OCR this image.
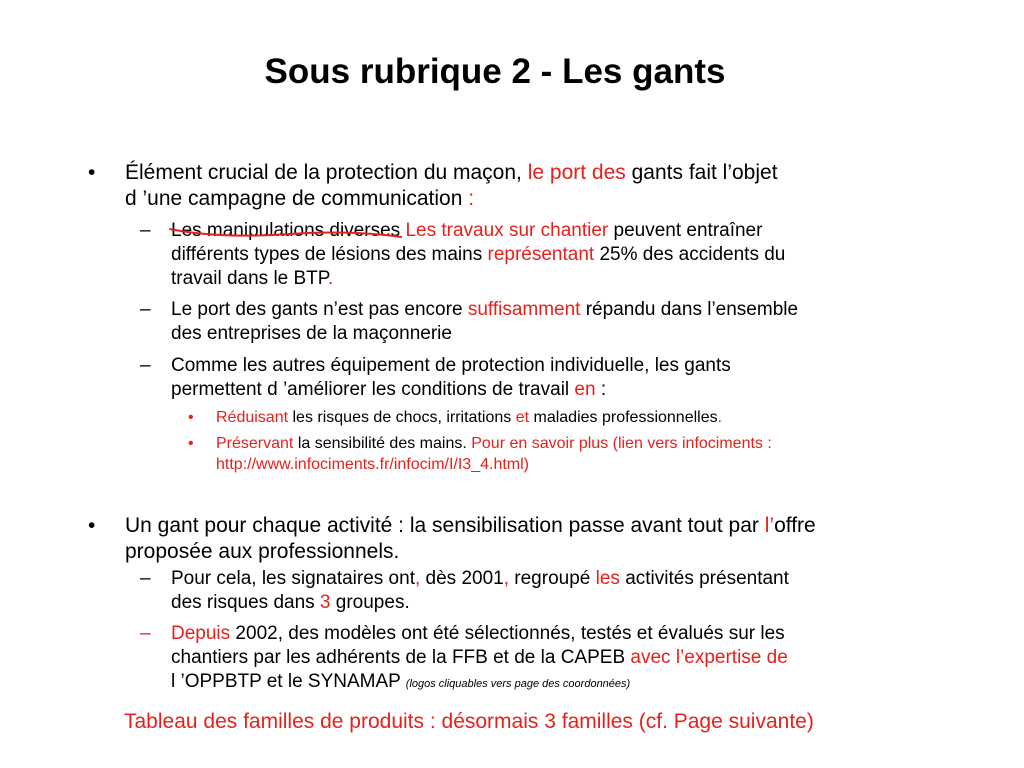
Sous rubrique 2 - Les gants
• Élément crucial de la protection du maçon, le port des gants fait l’objet
d ’une campagne de communication :
– Les manipulations diverses
Les travaux sur chantier peuvent entraîner
différents types de lésions des mains représentant 25% des accidents du
travail dans le BTP.
– Le port des gants n’est pas encore suffisamment répandu dans l’ensemble
des entreprises de la maçonnerie
– Comme les autres équipement de protection individuelle, les gants
permettent d ’améliorer les conditions de travail en :
• Réduisant les risques de chocs, irritations et maladies professionnelles.
• Préservant la sensibilité des mains. Pour en savoir plus (lien vers infociments :
http://www.infociments.fr/infocim/I/I3_4.html)
• Un gant pour chaque activité : la sensibilisation passe avant tout par l’offre
proposée aux professionnels.
– Pour cela, les signataires ont, dès 2001, regroupé les activités présentant
des risques dans 3 groupes.
– Depuis 2002, des modèles ont été sélectionnés, testés et évalués sur les
chantiers par les adhérents de la FFB et de la CAPEB avec l’expertise de
l ’OPPBTP et le SYNAMAP (logos cliquables vers page des coordonnées)
Tableau des familles de produits : désormais 3 familles (cf. Page suivante)
